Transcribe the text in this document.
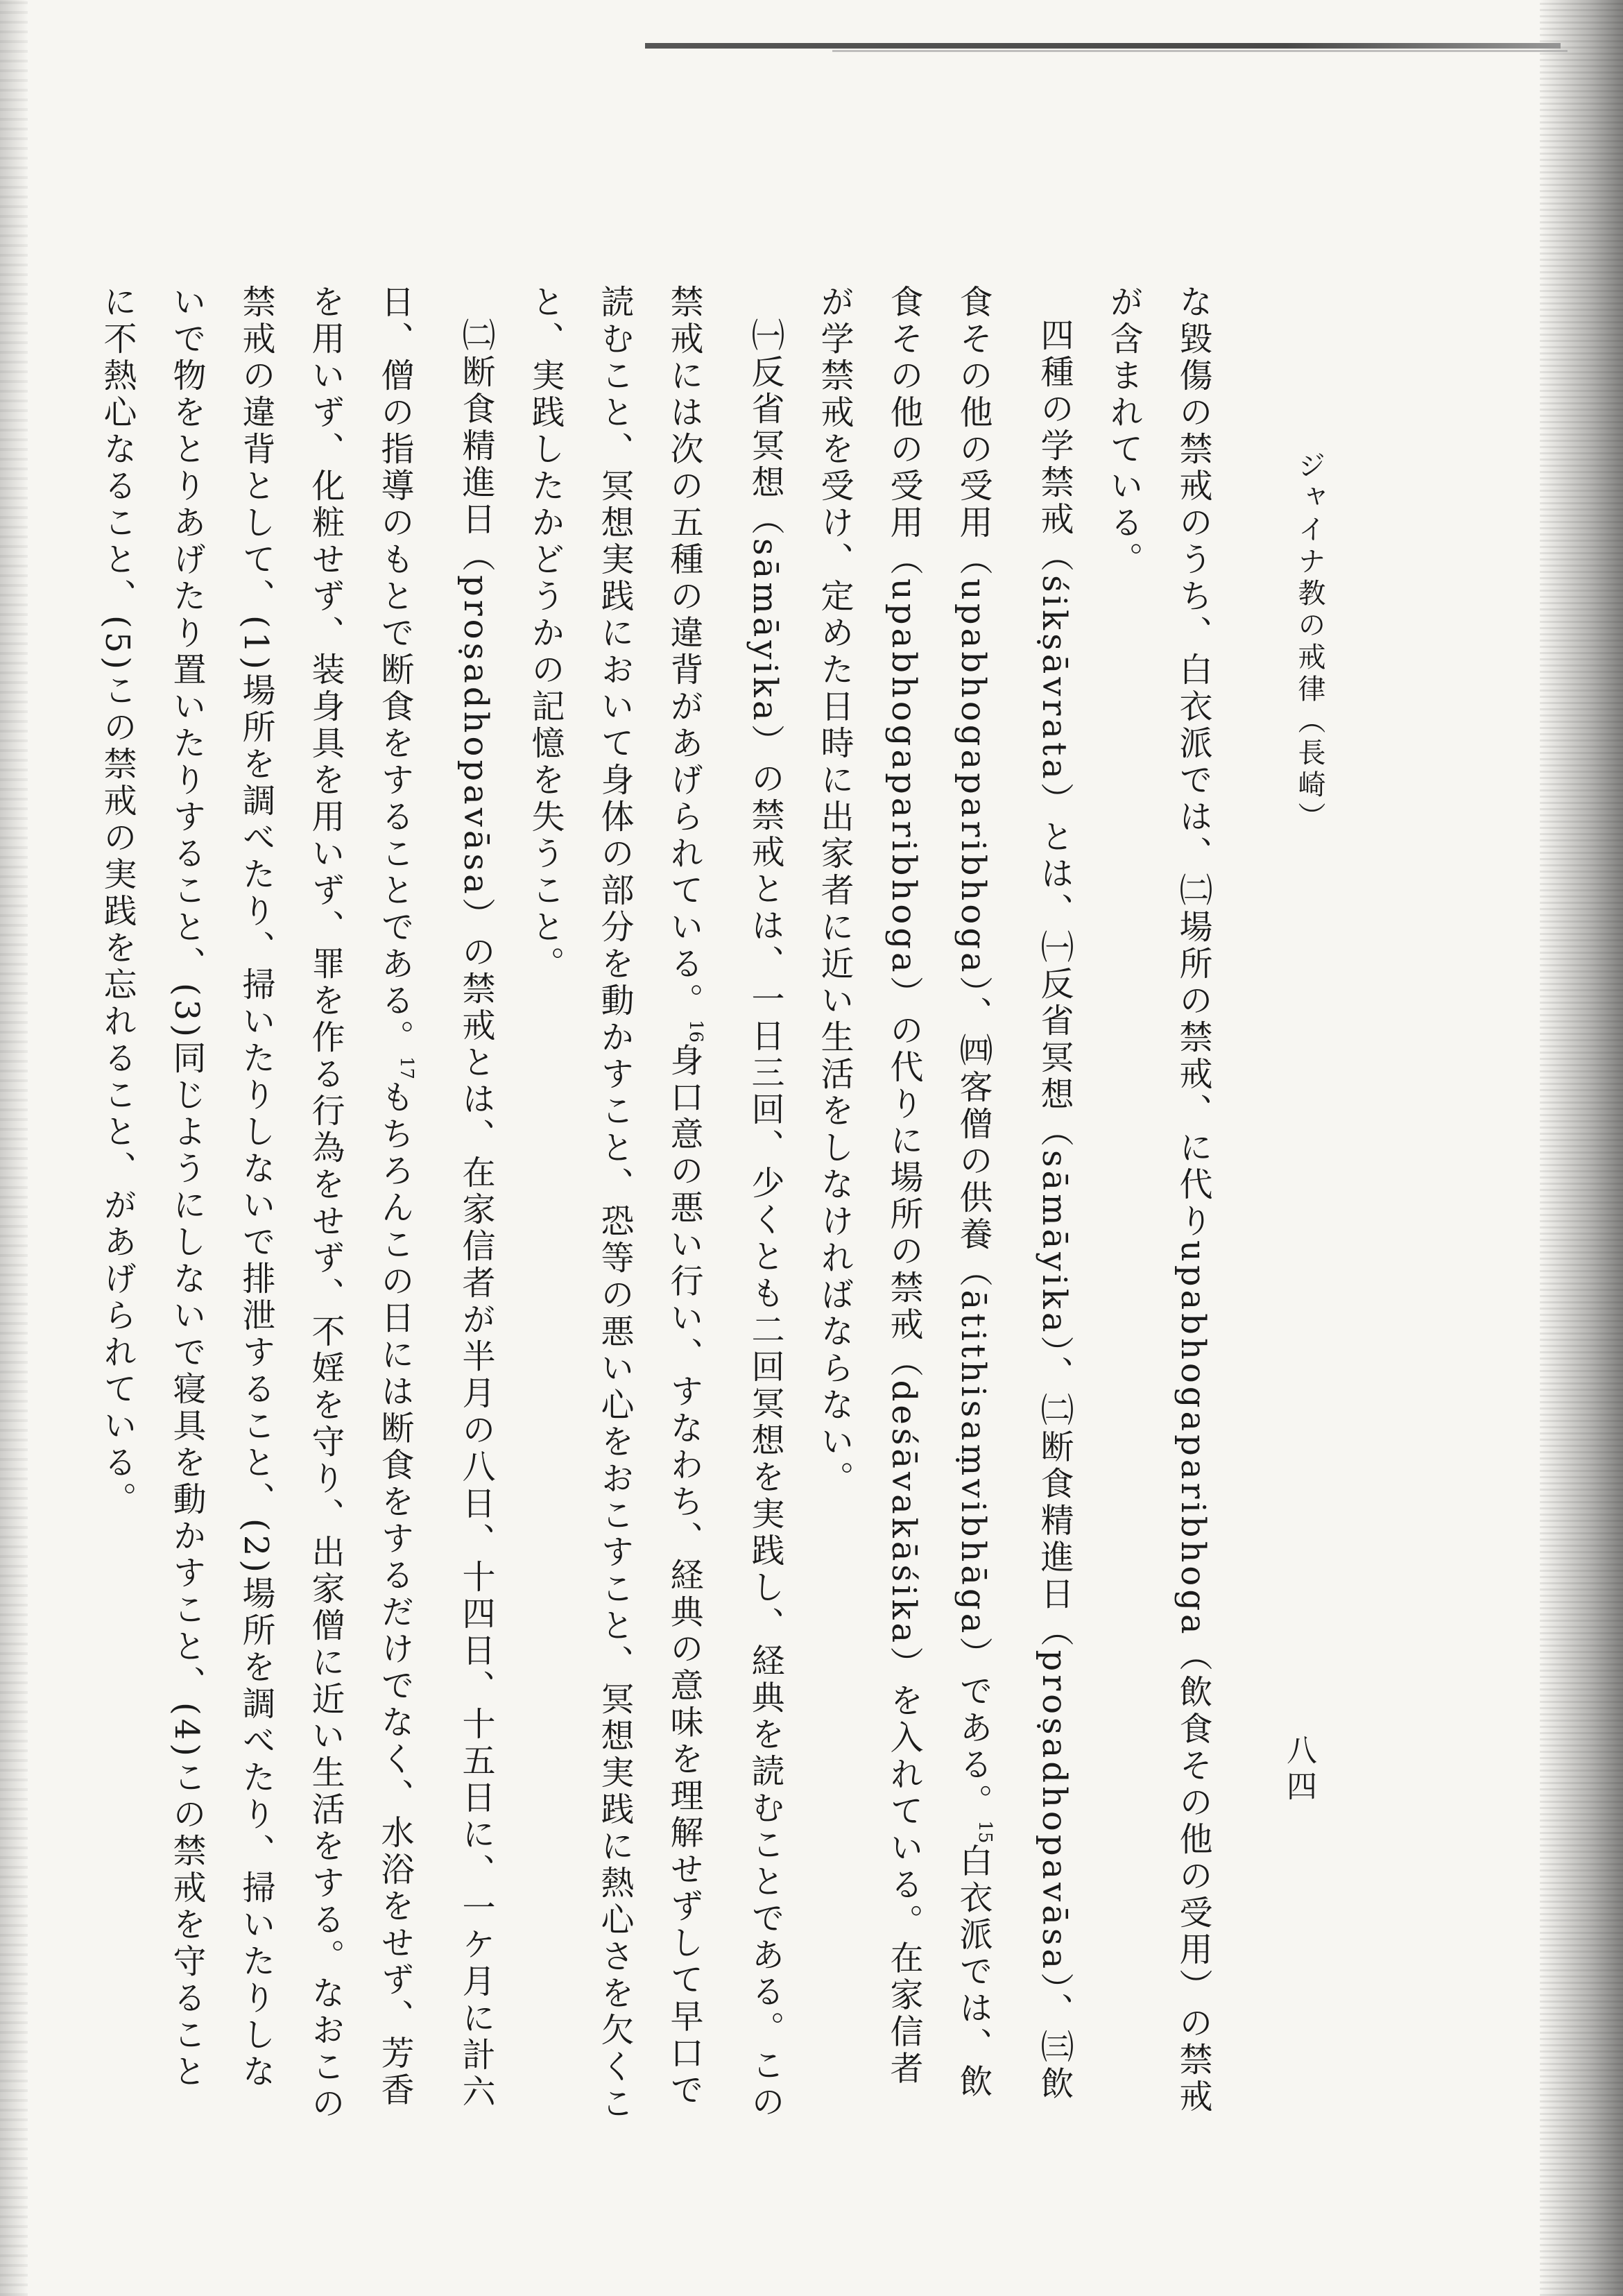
ジャイナ教の戒律（長崎）
八四

な毀傷の禁戒のうち、白衣派では、㈡場所の禁戒、に代りupabhogaparibhoga（飲食その他の受用）の禁戒が含まれている。

四種の学禁戒（śikṣāvrata）とは、㈠反省冥想（sāmāyika）、㈡断食精進日（proṣadhopavāsa）、㈢飲食その他の受用（upabhogaparibhoga）、㈣客僧の供養（ātithisaṃvibhāga）である。$^{15}$白衣派では、飲食その他の受用（upabhogaparibhoga）の代りに場所の禁戒（deśāvakāśika）を入れている。在家信者が学禁戒を受け、定めた日時に出家者に近い生活をしなければならない。

㈠反省冥想（sāmāyika）の禁戒とは、一日三回、少くとも二回冥想を実践し、経典を読むことである。この禁戒には次の五種の違背があげられている。$^{16}$身口意の悪い行い、すなわち、経典の意味を理解せずして早口で読むこと、冥想実践において身体の部分を動かすこと、恐等の悪い心をおこすこと、冥想実践に熱心さを欠くこと、実践したかどうかの記憶を失うこと。

㈡断食精進日（proṣadhopavāsa）の禁戒とは、在家信者が半月の八日、十四日、十五日に、一ケ月に計六日、僧の指導のもとで断食をすることである。$^{17}$もちろんこの日には断食をするだけでなく、水浴をせず、芳香を用いず、化粧せず、装身具を用いず、罪を作る行為をせず、不婬を守り、出家僧に近い生活をする。なおこの禁戒の違背として、(1)場所を調べたり、掃いたりしないで排泄すること、(2)場所を調べたり、掃いたりしないで物をとりあげたり置いたりすること、(3)同じようにしないで寝具を動かすこと、(4)この禁戒を守ることに不熱心なること、(5)この禁戒の実践を忘れること、があげられている。
